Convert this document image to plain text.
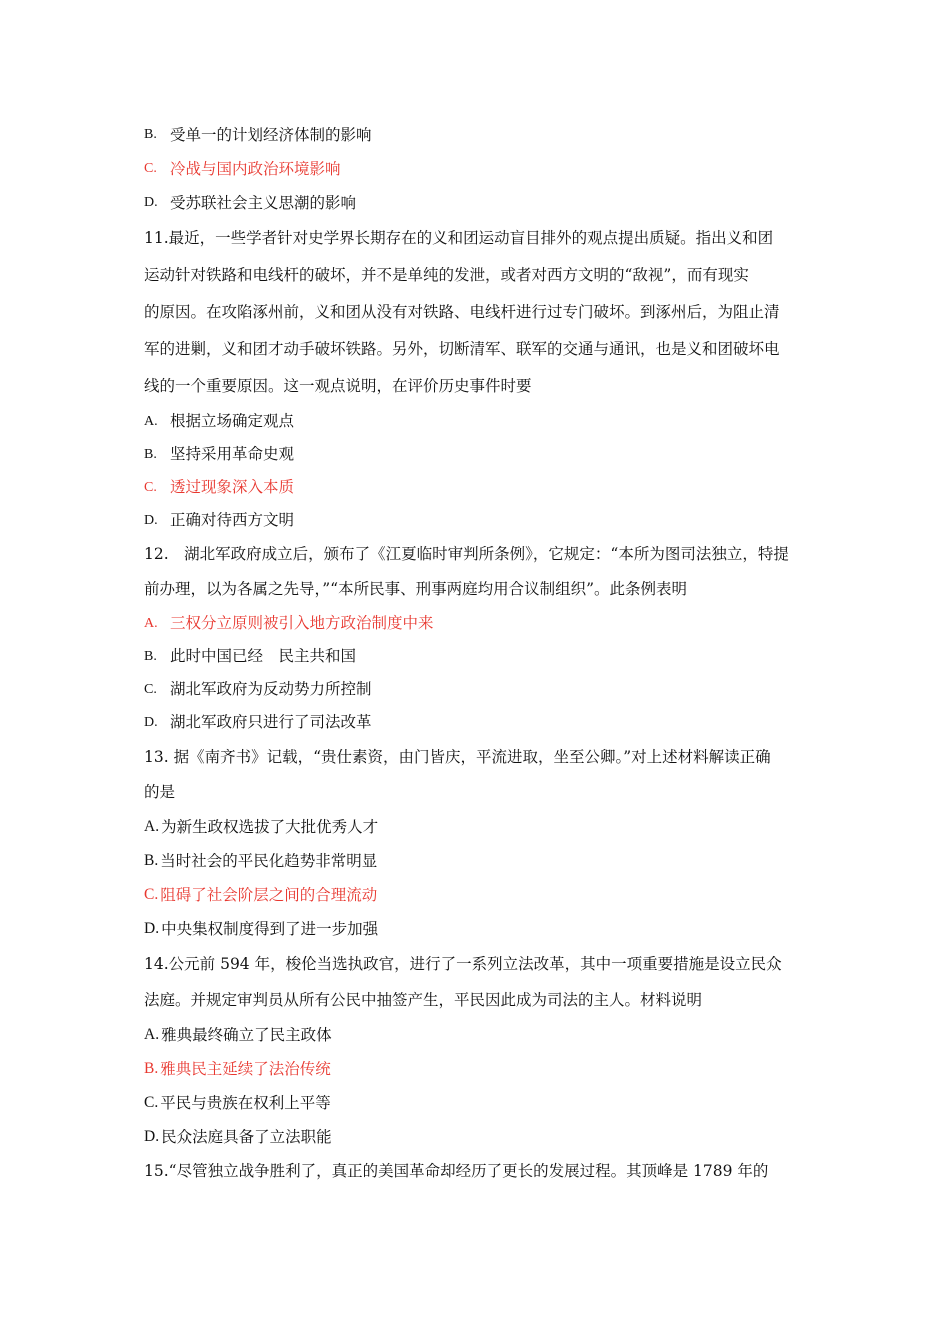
B. 受单一的计划经济体制的影响
C. 冷战与国内政治环境影响
D. 受苏联社会主义思潮的影响
11.最近，一些学者针对史学界长期存在的义和团运动盲目排外的观点提出质疑。指出义和团
运动针对铁路和电线杆的破坏，并不是单纯的发泄，或者对西方文明的“敌视”，而有现实
的原因。在攻陷涿州前，义和团从没有对铁路、电线杆进行过专门破坏。到涿州后，为阻止清
军的进剿，义和团才动手破坏铁路。另外，切断清军、联军的交通与通讯，也是义和团破坏电
线的一个重要原因。这一观点说明，在评价历史事件时要
A. 根据立场确定观点
B. 坚持采用革命史观
C. 透过现象深入本质
D. 正确对待西方文明
12.　湖北军政府成立后，颁布了《江夏临时审判所条例》，它规定：“本所为图司法独立，特提
前办理，以为各属之先导，”“本所民事、刑事两庭均用合议制组织”。此条例表明
A. 三权分立原则被引入地方政治制度中来
B. 此时中国已经　民主共和国
C. 湖北军政府为反动势力所控制
D. 湖北军政府只进行了司法改革
13. 据《南齐书》记载，“贵仕素资，由门皆庆，平流进取，坐至公卿。”对上述材料解读正确
的是
A. 为新生政权选拔了大批优秀人才
B. 当时社会的平民化趋势非常明显
C. 阻碍了社会阶层之间的合理流动
D. 中央集权制度得到了进一步加强
14.公元前 594 年，梭伦当选执政官，进行了一系列立法改革，其中一项重要措施是设立民众
法庭。并规定审判员从所有公民中抽签产生，平民因此成为司法的主人。材料说明
A. 雅典最终确立了民主政体
B. 雅典民主延续了法治传统
C. 平民与贵族在权利上平等
D. 民众法庭具备了立法职能
15.“尽管独立战争胜利了，真正的美国革命却经历了更长的发展过程。其顶峰是 1789 年的
